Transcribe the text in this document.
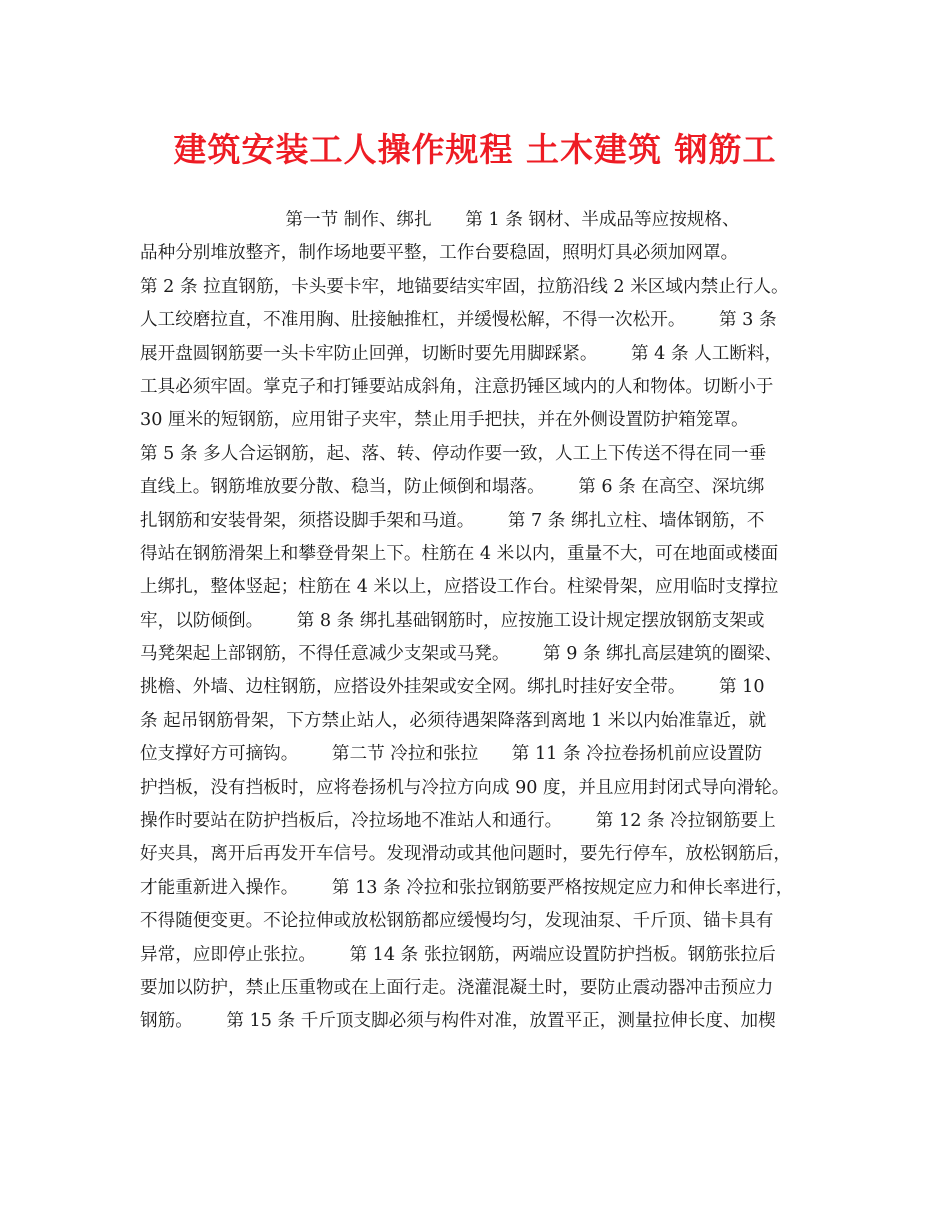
建筑安装工人操作规程 土木建筑 钢筋工
第一节 制作、绑扎      第 1 条 钢材、半成品等应按规格、
品种分别堆放整齐，制作场地要平整，工作台要稳固，照明灯具必须加网罩。
第 2 条 拉直钢筋，卡头要卡牢，地锚要结实牢固，拉筋沿线 2 米区域内禁止行人。
人工绞磨拉直，不准用胸、肚接触推杠，并缓慢松解，不得一次松开。      第 3 条
展开盘圆钢筋要一头卡牢防止回弹，切断时要先用脚踩紧。      第 4 条 人工断料，
工具必须牢固。掌克子和打锤要站成斜角，注意扔锤区域内的人和物体。切断小于
30 厘米的短钢筋，应用钳子夹牢，禁止用手把扶，并在外侧设置防护箱笼罩。
第 5 条 多人合运钢筋，起、落、转、停动作要一致，人工上下传送不得在同一垂
直线上。钢筋堆放要分散、稳当，防止倾倒和塌落。      第 6 条 在高空、深坑绑
扎钢筋和安装骨架，须搭设脚手架和马道。      第 7 条 绑扎立柱、墙体钢筋，不
得站在钢筋滑架上和攀登骨架上下。柱筋在 4 米以内，重量不大，可在地面或楼面
上绑扎，整体竖起；柱筋在 4 米以上，应搭设工作台。柱梁骨架，应用临时支撑拉
牢，以防倾倒。      第 8 条 绑扎基础钢筋时，应按施工设计规定摆放钢筋支架或
马凳架起上部钢筋，不得任意减少支架或马凳。      第 9 条 绑扎高层建筑的圈梁、
挑檐、外墙、边柱钢筋，应搭设外挂架或安全网。绑扎时挂好安全带。      第 10
条 起吊钢筋骨架，下方禁止站人，必须待遇架降落到离地 1 米以内始准靠近，就
位支撑好方可摘钩。      第二节 冷拉和张拉      第 11 条 冷拉卷扬机前应设置防
护挡板，没有挡板时，应将卷扬机与冷拉方向成 90 度，并且应用封闭式导向滑轮。
操作时要站在防护挡板后，冷拉场地不准站人和通行。      第 12 条 冷拉钢筋要上
好夹具，离开后再发开车信号。发现滑动或其他问题时，要先行停车，放松钢筋后，
才能重新进入操作。      第 13 条 冷拉和张拉钢筋要严格按规定应力和伸长率进行，
不得随便变更。不论拉伸或放松钢筋都应缓慢均匀，发现油泵、千斤顶、锚卡具有
异常，应即停止张拉。      第 14 条 张拉钢筋，两端应设置防护挡板。钢筋张拉后
要加以防护，禁止压重物或在上面行走。浇灌混凝土时，要防止震动器冲击预应力
钢筋。      第 15 条 千斤顶支脚必须与构件对准，放置平正，测量拉伸长度、加楔
